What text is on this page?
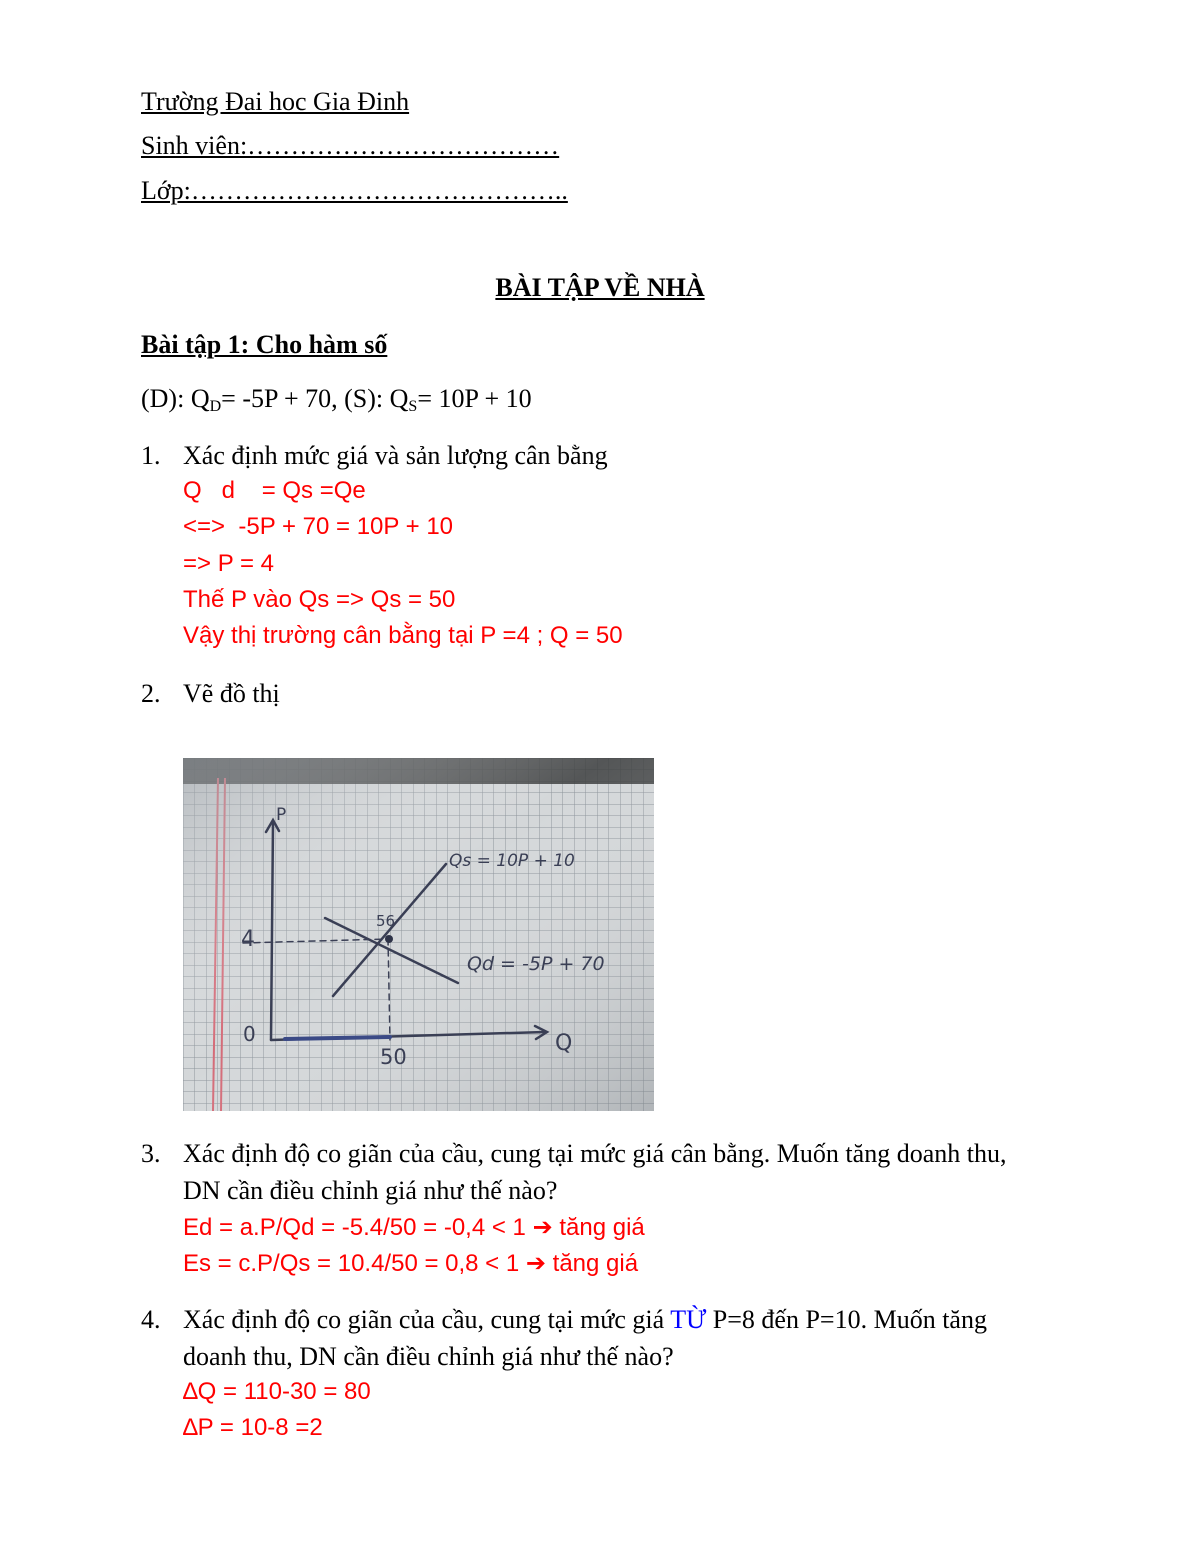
Trường Đai hoc Gia Đinh
Sinh viên:………………………………
Lớp:……………………………………..
BÀI TẬP VỀ NHÀ
Bài tập 1: Cho hàm số
(D): $Q_D= -5P + 70$, (S): $Q_S= 10P + 10$
1. Xác định mức giá và sản lượng cân bằng
Q   d    = Qs =Qe
<=>  -5P + 70 = 10P + 10
=> P = 4
Thế P vào Qs => Qs = 50
Vậy thị trường cân bằng tại P =4 ; Q = 50
2. Vẽ đồ thị
P
Q
0
4
50
56
Qs = 10P + 10
Qd = -5P + 70
3. Xác định độ co giãn của cầu, cung tại mức giá cân bằng. Muốn tăng doanh thu,
DN cần điều chỉnh giá như thế nào?
Ed = a.P/Qd = -5.4/50 = -0,4 < 1 ➔ tăng giá
Es = c.P/Qs = 10.4/50 = 0,8 < 1 ➔ tăng giá
4. Xác định độ co giãn của cầu, cung tại mức giá TỪ P=8 đến P=10. Muốn tăng
doanh thu, DN cần điều chỉnh giá như thế nào?
∆Q = 110-30 = 80
∆P = 10-8 =2
